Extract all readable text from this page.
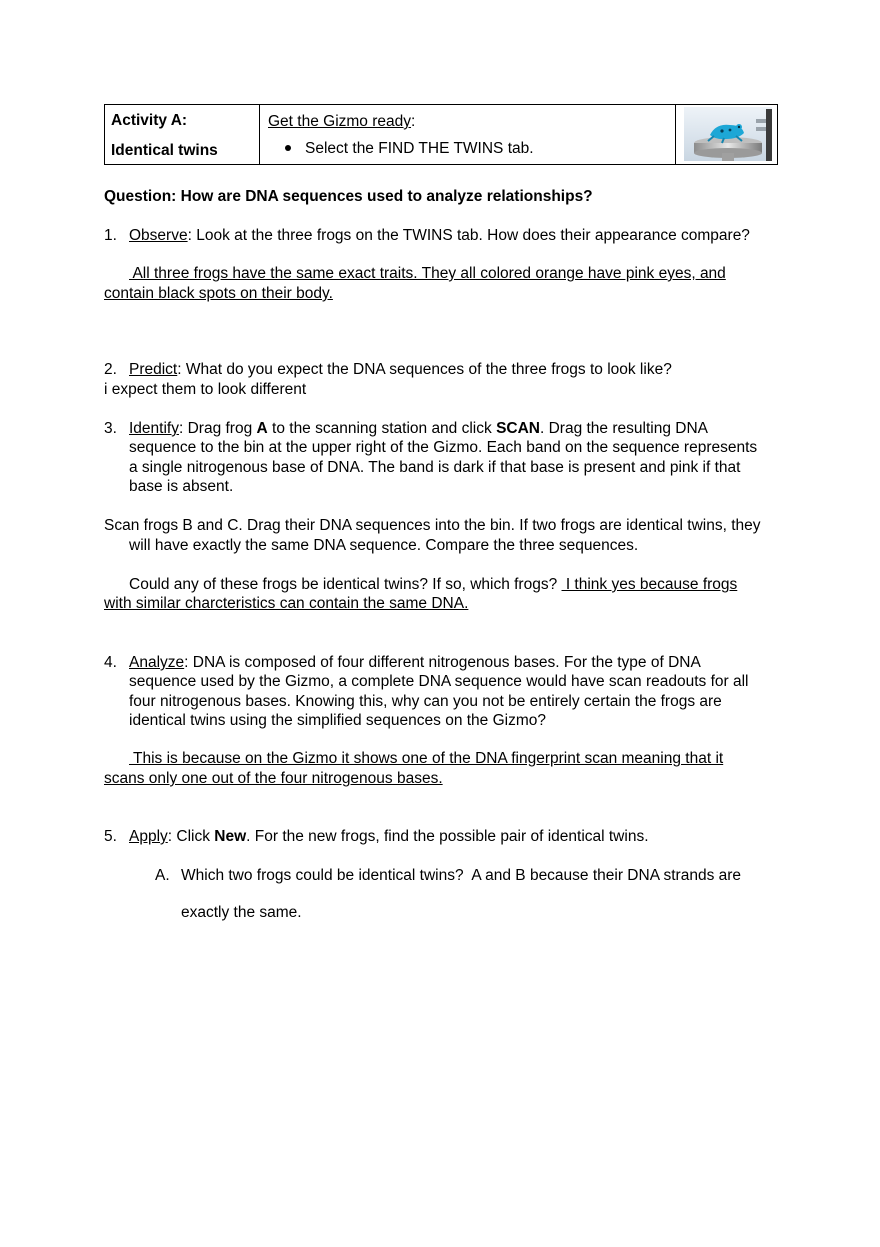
Activity A:
Identical twins
Get the Gizmo ready:
Select the FIND THE TWINS tab.
Question: How are DNA sequences used to analyze relationships?
1. Observe: Look at the three frogs on the TWINS tab. How does their appearance compare?
All three frogs have the same exact traits. They all colored orange have pink eyes, and
contain black spots on their body.
2. Predict: What do you expect the DNA sequences of the three frogs to look like?
i expect them to look different
3. Identify: Drag frog A to the scanning station and click SCAN. Drag the resulting DNA
sequence to the bin at the upper right of the Gizmo. Each band on the sequence represents
a single nitrogenous base of DNA. The band is dark if that base is present and pink if that
base is absent.
Scan frogs B and C. Drag their DNA sequences into the bin. If two frogs are identical twins, they
will have exactly the same DNA sequence. Compare the three sequences.
Could any of these frogs be identical twins? If so, which frogs?  I think yes because frogs
with similar charcteristics can contain the same DNA.
4. Analyze: DNA is composed of four different nitrogenous bases. For the type of DNA
sequence used by the Gizmo, a complete DNA sequence would have scan readouts for all
four nitrogenous bases. Knowing this, why can you not be entirely certain the frogs are
identical twins using the simplified sequences on the Gizmo?
This is because on the Gizmo it shows one of the DNA fingerprint scan meaning that it
scans only one out of the four nitrogenous bases.
5. Apply: Click New. For the new frogs, find the possible pair of identical twins.
A. Which two frogs could be identical twins?  A and B because their DNA strands are
exactly the same.
